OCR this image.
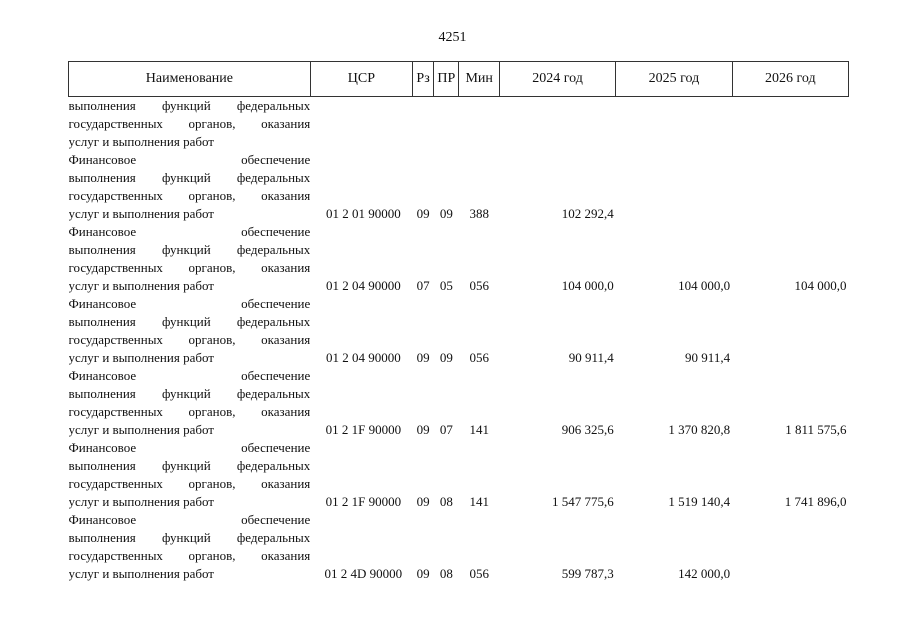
4251
Наименование	ЦСР	Рз	ПР	Мин	2024 год	2025 год	2026 год

выполнения функций федеральных
государственных органов, оказания
услуг и выполнения работ							

Финансовое обеспечение
выполнения функций федеральных
государственных органов, оказания
услуг и выполнения работ	01 2 01 90000	09	09	388	102 292,4		

Финансовое обеспечение
выполнения функций федеральных
государственных органов, оказания
услуг и выполнения работ	01 2 04 90000	07	05	056	104 000,0	104 000,0	104 000,0

Финансовое обеспечение
выполнения функций федеральных
государственных органов, оказания
услуг и выполнения работ	01 2 04 90000	09	09	056	90 911,4	90 911,4	

Финансовое обеспечение
выполнения функций федеральных
государственных органов, оказания
услуг и выполнения работ	01 2 1F 90000	09	07	141	906 325,6	1 370 820,8	1 811 575,6

Финансовое обеспечение
выполнения функций федеральных
государственных органов, оказания
услуг и выполнения работ	01 2 1F 90000	09	08	141	1 547 775,6	1 519 140,4	1 741 896,0

Финансовое обеспечение
выполнения функций федеральных
государственных органов, оказания
услуг и выполнения работ	01 2 4D 90000	09	08	056	599 787,3	142 000,0	
